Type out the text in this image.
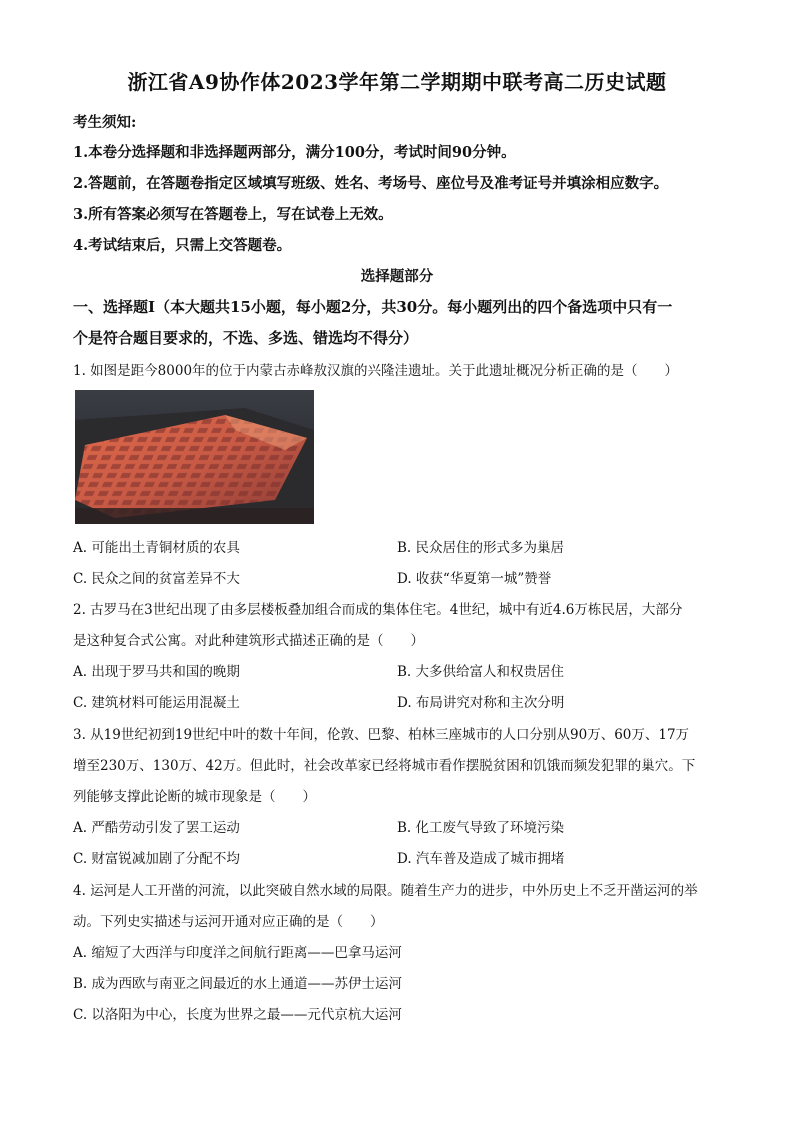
浙江省A9协作体2023学年第二学期期中联考高二历史试题
考生须知:
1.本卷分选择题和非选择题两部分，满分100分，考试时间90分钟。
2.答题前，在答题卷指定区域填写班级、姓名、考场号、座位号及准考证号并填涂相应数字。
3.所有答案必须写在答题卷上，写在试卷上无效。
4.考试结束后，只需上交答题卷。
选择题部分
一、选择题Ⅰ（本大题共15小题，每小题2分，共30分。每小题列出的四个备选项中只有一
个是符合题目要求的，不选、多选、错选均不得分）
1. 如图是距今8000年的位于内蒙古赤峰敖汉旗的兴隆洼遗址。关于此遗址概况分析正确的是（　　）
A. 可能出土青铜材质的农具	B. 民众居住的形式多为巢居
C. 民众之间的贫富差异不大	D. 收获“华夏第一城”赞誉
2. 古罗马在3世纪出现了由多层楼板叠加组合而成的集体住宅。4世纪，城中有近4.6万栋民居，大部分
是这种复合式公寓。对此种建筑形式描述正确的是（　　）
A. 出现于罗马共和国的晚期	B. 大多供给富人和权贵居住
C. 建筑材料可能运用混凝土	D. 布局讲究对称和主次分明
3. 从19世纪初到19世纪中叶的数十年间，伦敦、巴黎、柏林三座城市的人口分别从90万、60万、17万
增至230万、130万、42万。但此时，社会改革家已经将城市看作摆脱贫困和饥饿而频发犯罪的巢穴。下
列能够支撑此论断的城市现象是（　　）
A. 严酷劳动引发了罢工运动	B. 化工废气导致了环境污染
C. 财富锐减加剧了分配不均	D. 汽车普及造成了城市拥堵
4. 运河是人工开凿的河流，以此突破自然水域的局限。随着生产力的进步，中外历史上不乏开凿运河的举
动。下列史实描述与运河开通对应正确的是（　　）
A. 缩短了大西洋与印度洋之间航行距离——巴拿马运河
B. 成为西欧与南亚之间最近的水上通道——苏伊士运河
C. 以洛阳为中心，长度为世界之最——元代京杭大运河
